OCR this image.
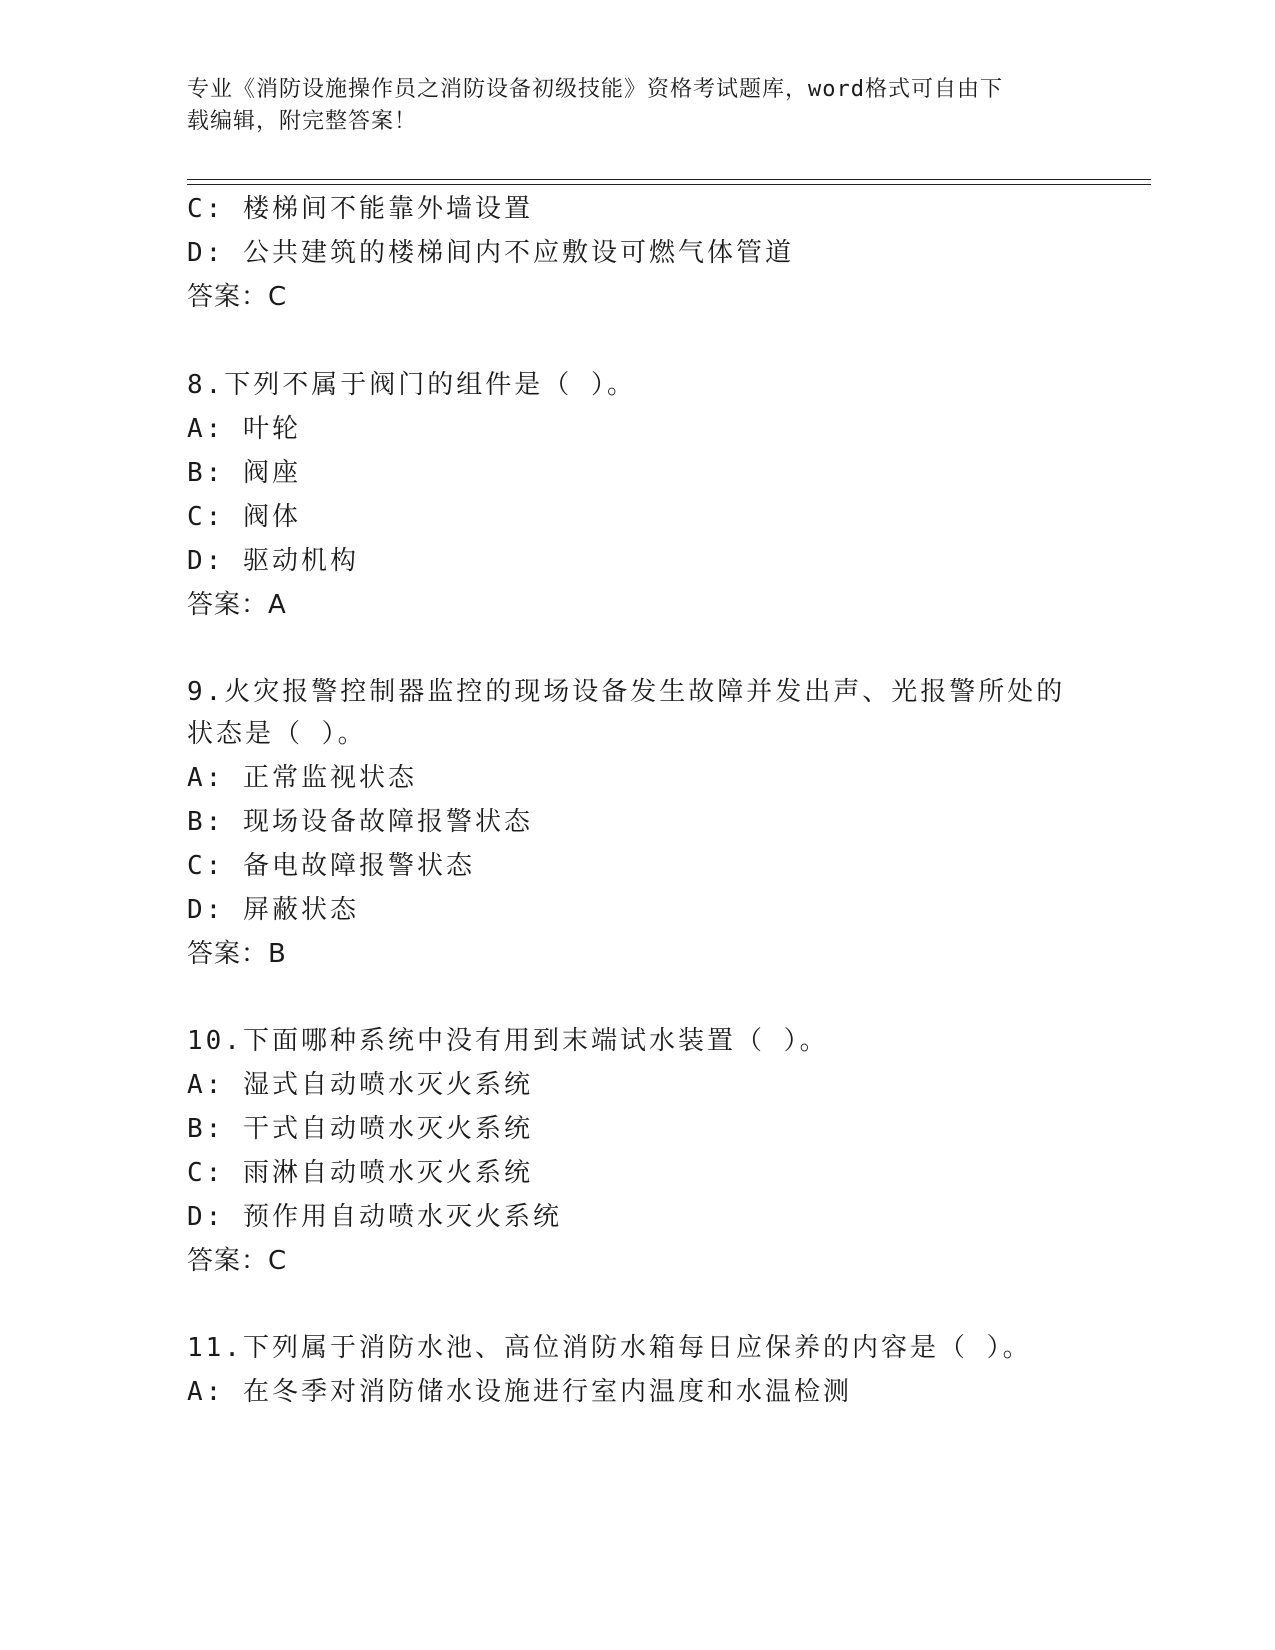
专业《消防设施操作员之消防设备初级技能》资格考试题库，word格式可自由下
载编辑，附完整答案！
C: 楼梯间不能靠外墙设置
D: 公共建筑的楼梯间内不应敷设可燃气体管道
答案：C
8.下列不属于阀门的组件是（ ）。
A: 叶轮
B: 阀座
C: 阀体
D: 驱动机构
答案：A
9.火灾报警控制器监控的现场设备发生故障并发出声、光报警所处的
状态是（ ）。
A: 正常监视状态
B: 现场设备故障报警状态
C: 备电故障报警状态
D: 屏蔽状态
答案：B
10.下面哪种系统中没有用到末端试水装置（ ）。
A: 湿式自动喷水灭火系统
B: 干式自动喷水灭火系统
C: 雨淋自动喷水灭火系统
D: 预作用自动喷水灭火系统
答案：C
11.下列属于消防水池、高位消防水箱每日应保养的内容是（ ）。
A: 在冬季对消防储水设施进行室内温度和水温检测
